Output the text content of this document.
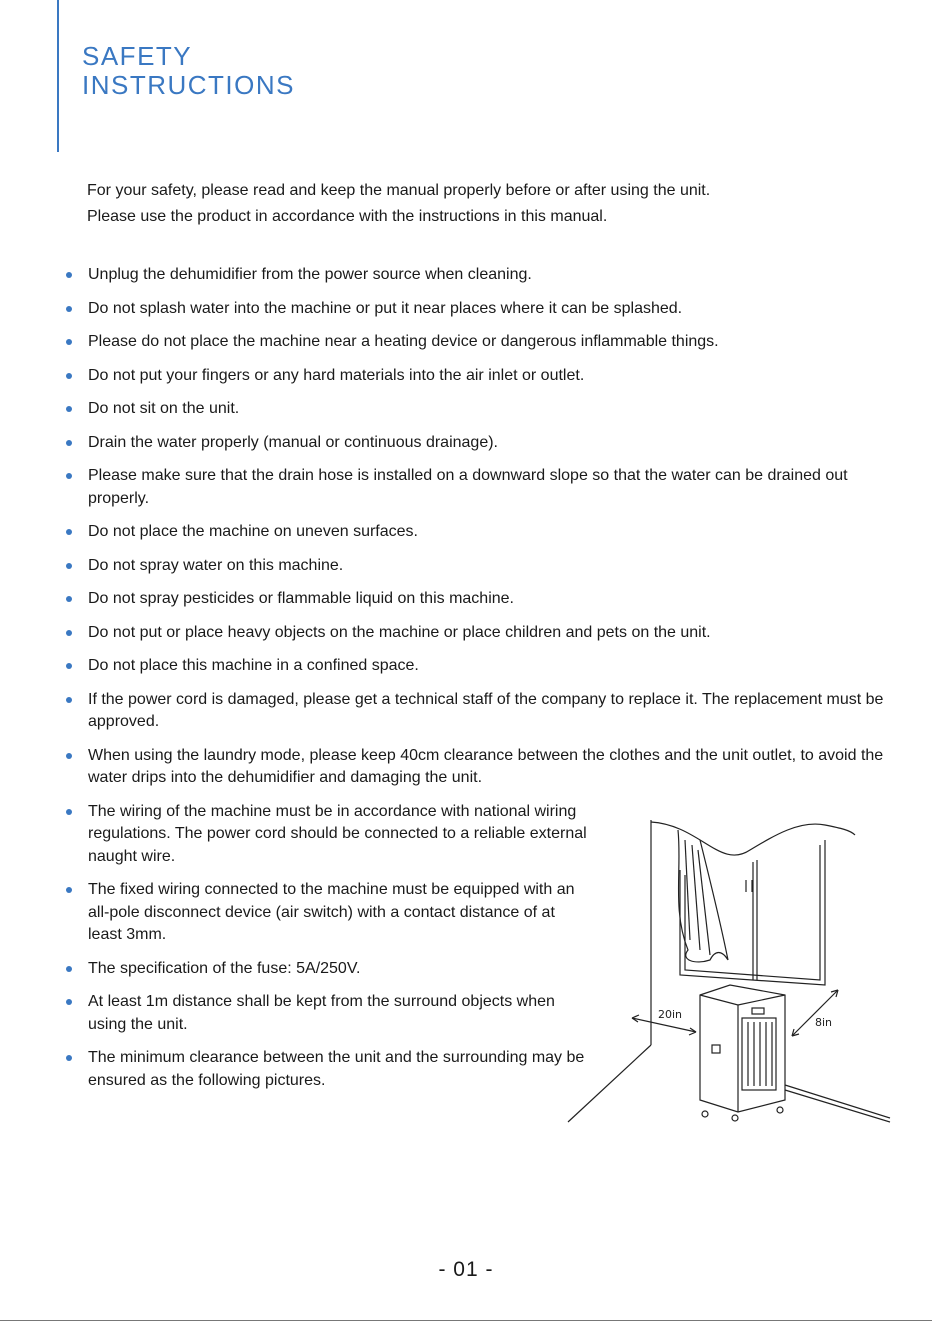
SAFETY
INSTRUCTIONS

For your safety, please read and keep the manual properly before or after using the unit.

Please use the product in accordance with the instructions in this manual.

Unplug the dehumidifier from the power source when cleaning.
Do not splash water into the machine or put it near places where it can be splashed.
Please do not place the machine near a heating device or dangerous inflammable things.
Do not put your fingers or any hard materials into the air inlet or outlet.
Do not sit on the unit.
Drain the water properly (manual or continuous drainage).
Please make sure that the drain hose is installed on a downward slope so that the water can be drained out properly.
Do not place the machine on uneven surfaces.
Do not spray water on this machine.
Do not spray pesticides or flammable liquid on this machine.
Do not put or place heavy objects on the machine or place children and pets on the unit.
Do not place this machine in a confined space.
If the power cord is damaged, please get a technical staff of the company to replace it. The replacement must be approved.
When using the laundry mode, please keep 40cm clearance between the clothes and the unit outlet, to avoid the water drips into the dehumidifier and damaging the unit.
The wiring of the machine must be in accordance with national wiring regulations. The power cord should be connected to a reliable external naught wire.
The fixed wiring connected to the machine must be equipped with an all-pole disconnect device (air switch) with a contact distance of at least 3mm.
The specification of the fuse: 5A/250V.
At least 1m distance shall be kept from the surround objects when using the unit.
The minimum clearance between the unit and the surrounding may be ensured as the following pictures.
20in
8in

- 01 -
